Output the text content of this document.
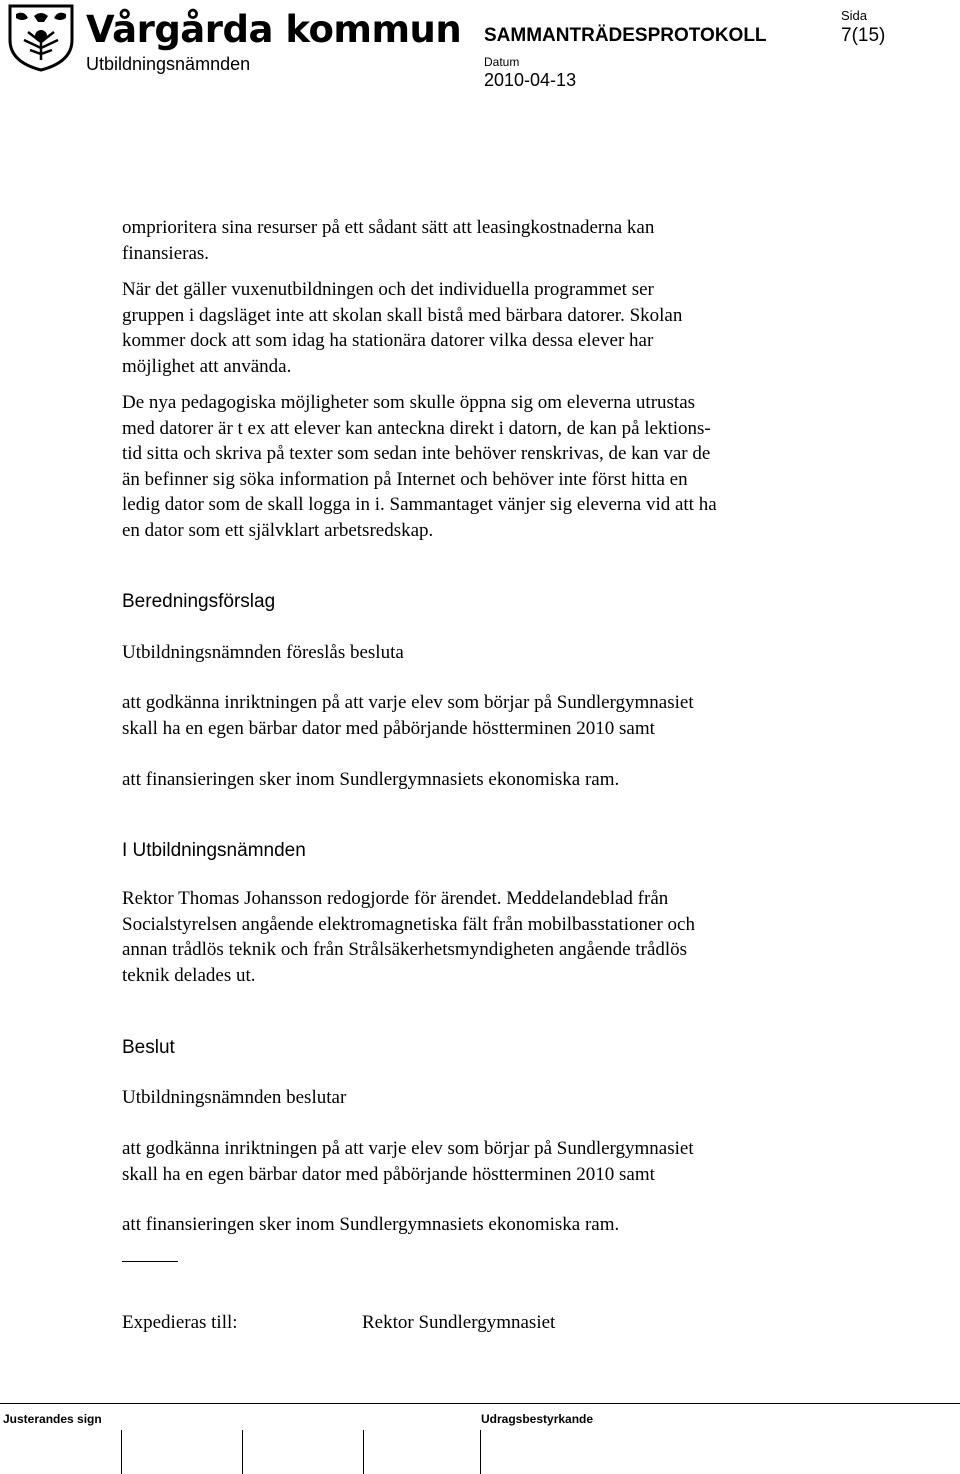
Vårgårda kommun
Utbildningsnämnden
SAMMANTRÄDESPROTOKOLL
Datum
2010-04-13
Sida
7(15)
omprioritera sina resurser på ett sådant sätt att leasingkostnaderna kan
finansieras.
När det gäller vuxenutbildningen och det individuella programmet ser
gruppen i dagsläget inte att skolan skall bistå med bärbara datorer. Skolan
kommer dock att som idag ha stationära datorer vilka dessa elever har
möjlighet att använda.
De nya pedagogiska möjligheter som skulle öppna sig om eleverna utrustas
med datorer är t ex att elever kan anteckna direkt i datorn, de kan på lektions-
tid sitta och skriva på texter som sedan inte behöver renskrivas, de kan var de
än befinner sig söka information på Internet och behöver inte först hitta en
ledig dator som de skall logga in i. Sammantaget vänjer sig eleverna vid att ha
en dator som ett självklart arbetsredskap.
Beredningsförslag
Utbildningsnämnden föreslås besluta
att godkänna inriktningen på att varje elev som börjar på Sundlergymnasiet
skall ha en egen bärbar dator med påbörjande höstterminen 2010 samt
att finansieringen sker inom Sundlergymnasiets ekonomiska ram.
I Utbildningsnämnden
Rektor Thomas Johansson redogjorde för ärendet. Meddelandeblad från
Socialstyrelsen angående elektromagnetiska fält från mobilbasstationer och
annan trådlös teknik och från Strålsäkerhetsmyndigheten angående trådlös
teknik delades ut.
Beslut
Utbildningsnämnden beslutar
att godkänna inriktningen på att varje elev som börjar på Sundlergymnasiet
skall ha en egen bärbar dator med påbörjande höstterminen 2010 samt
att finansieringen sker inom Sundlergymnasiets ekonomiska ram.
Expedieras till:	Rektor Sundlergymnasiet
Justerandes sign	Udragsbestyrkande
